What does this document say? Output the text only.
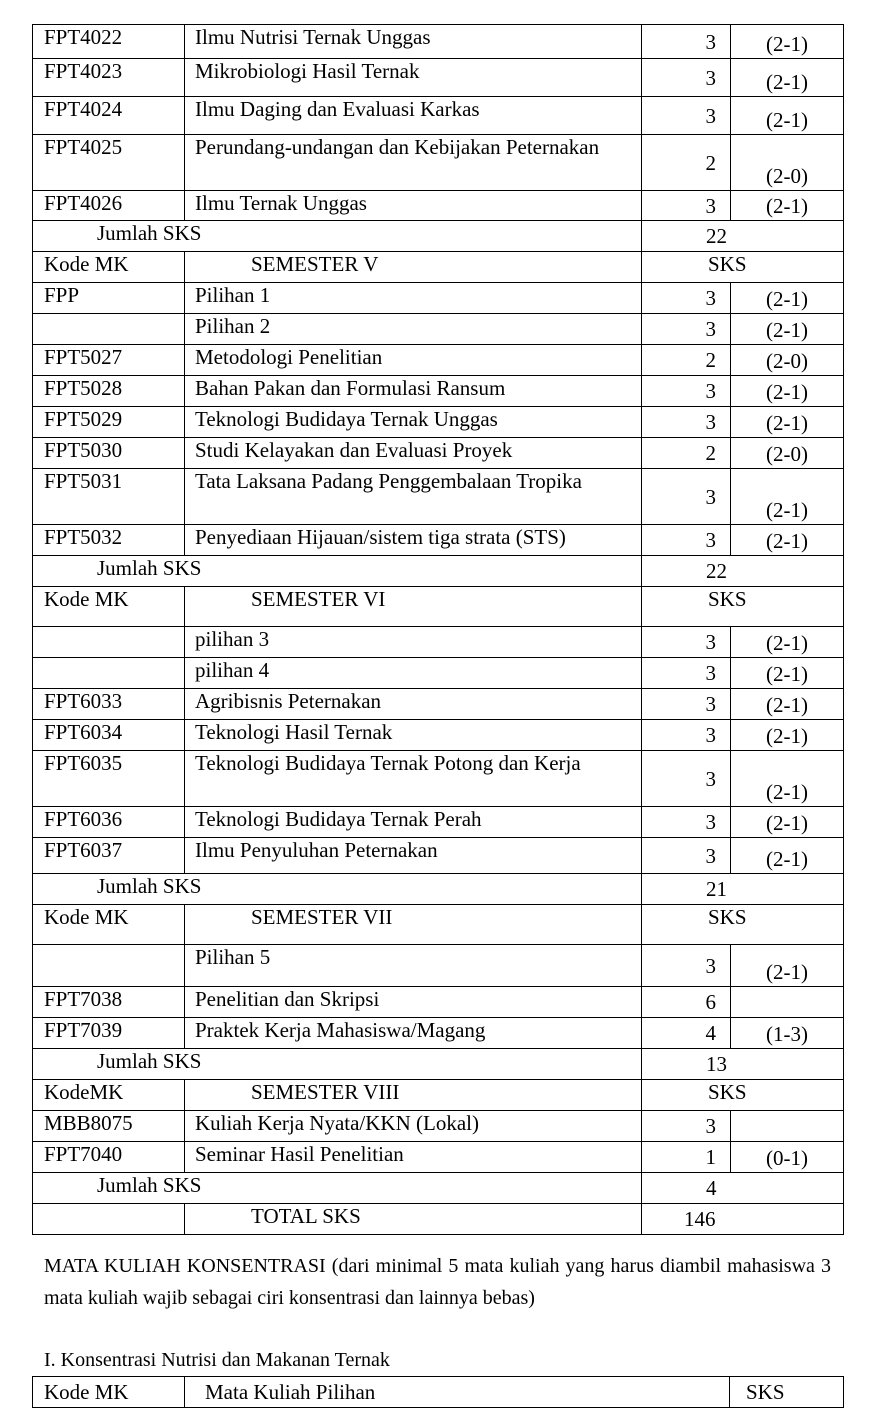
FPT4022	Ilmu Nutrisi Ternak Unggas	3	(2-1)
FPT4023	Mikrobiologi Hasil Ternak	3	(2-1)
FPT4024	Ilmu Daging dan Evaluasi Karkas	3	(2-1)
FPT4025	Perundang-undangan dan Kebijakan Peternakan	2	(2-0)
FPT4026	Ilmu Ternak Unggas	3	(2-1)
Jumlah SKS		22	
Kode MK	SEMESTER V	SKS	
FPP	Pilihan 1	3	(2-1)
	Pilihan 2	3	(2-1)
FPT5027	Metodologi Penelitian	2	(2-0)
FPT5028	Bahan Pakan dan Formulasi Ransum	3	(2-1)
FPT5029	Teknologi Budidaya Ternak Unggas	3	(2-1)
FPT5030	Studi Kelayakan dan Evaluasi Proyek	2	(2-0)
FPT5031	Tata Laksana Padang Penggembalaan Tropika	3	(2-1)
FPT5032	Penyediaan Hijauan/sistem tiga strata (STS)	3	(2-1)
Jumlah SKS		22	
Kode MK	SEMESTER VI	SKS	
	pilihan 3	3	(2-1)
	pilihan 4	3	(2-1)
FPT6033	Agribisnis Peternakan	3	(2-1)
FPT6034	Teknologi Hasil Ternak	3	(2-1)
FPT6035	Teknologi Budidaya Ternak Potong dan Kerja	3	(2-1)
FPT6036	Teknologi Budidaya Ternak Perah	3	(2-1)
FPT6037	Ilmu Penyuluhan Peternakan	3	(2-1)
Jumlah SKS		21	
Kode MK	SEMESTER VII	SKS	
	Pilihan 5	3	(2-1)
FPT7038	Penelitian dan Skripsi	6	
FPT7039	Praktek Kerja Mahasiswa/Magang	4	(1-3)
Jumlah SKS		13	
KodeMK	SEMESTER VIII	SKS	
MBB8075	Kuliah Kerja Nyata/KKN (Lokal)	3	
FPT7040	Seminar Hasil Penelitian	1	(0-1)
Jumlah SKS		4	
	TOTAL SKS	146	
MATA KULIAH KONSENTRASI (dari minimal 5 mata kuliah yang harus diambil mahasiswa 3 mata kuliah wajib sebagai ciri konsentrasi dan lainnya bebas)
I. Konsentrasi Nutrisi dan Makanan Ternak
Kode MK	Mata Kuliah Pilihan	SKS
